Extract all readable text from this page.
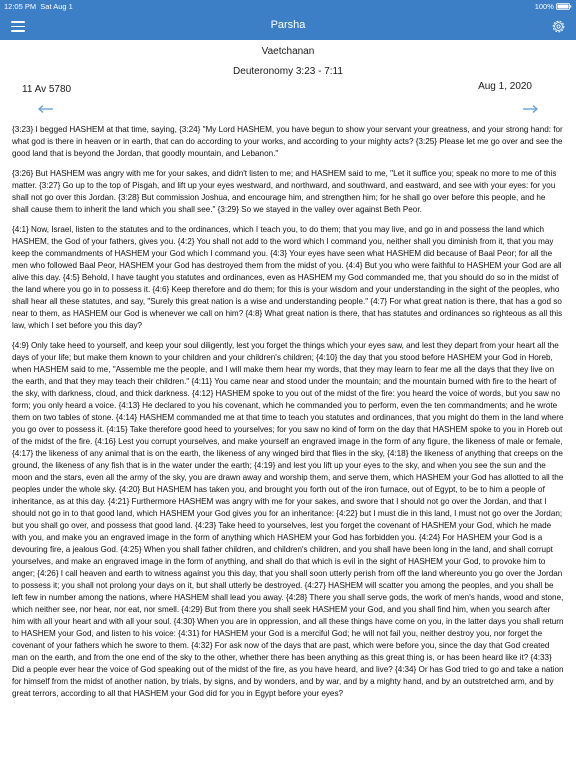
12:05 PM Sat Aug 1	100%
Parsha
Vaetchanan
Deuteronomy 3:23 - 7:11
11 Av 5780	Aug 1, 2020

{3:23} I begged HASHEM at that time, saying, {3:24} "My Lord HASHEM, you have begun to show your servant your greatness, and your strong hand: for what god is there in heaven or in earth, that can do according to your works, and according to your mighty acts? {3:25} Please let me go over and see the good land that is beyond the Jordan, that goodly mountain, and Lebanon."

{3:26} But HASHEM was angry with me for your sakes, and didn't listen to me; and HASHEM said to me, "Let it suffice you; speak no more to me of this matter. {3:27} Go up to the top of Pisgah, and lift up your eyes westward, and northward, and southward, and eastward, and see with your eyes: for you shall not go over this Jordan. {3:28} But commission Joshua, and encourage him, and strengthen him; for he shall go over before this people, and he shall cause them to inherit the land which you shall see." {3:29} So we stayed in the valley over against Beth Peor.

{4:1} Now, Israel, listen to the statutes and to the ordinances, which I teach you, to do them; that you may live, and go in and possess the land which HASHEM, the God of your fathers, gives you. {4:2} You shall not add to the word which I command you, neither shall you diminish from it, that you may keep the commandments of HASHEM your God which I command you. {4:3} Your eyes have seen what HASHEM did because of Baal Peor; for all the men who followed Baal Peor, HASHEM your God has destroyed them from the midst of you. {4:4} But you who were faithful to HASHEM your God are all alive this day. {4:5} Behold, I have taught you statutes and ordinances, even as HASHEM my God commanded me, that you should do so in the midst of the land where you go in to possess it. {4:6} Keep therefore and do them; for this is your wisdom and your understanding in the sight of the peoples, who shall hear all these statutes, and say, "Surely this great nation is a wise and understanding people." {4:7} For what great nation is there, that has a god so near to them, as HASHEM our God is whenever we call on him? {4:8} What great nation is there, that has statutes and ordinances so righteous as all this law, which I set before you this day?

{4:9} Only take heed to yourself, and keep your soul diligently, lest you forget the things which your eyes saw, and lest they depart from your heart all the days of your life; but make them known to your children and your children's children; {4:10} the day that you stood before HASHEM your God in Horeb, when HASHEM said to me, "Assemble me the people, and I will make them hear my words, that they may learn to fear me all the days that they live on the earth, and that they may teach their children." {4:11} You came near and stood under the mountain; and the mountain burned with fire to the heart of the sky, with darkness, cloud, and thick darkness. {4:12} HASHEM spoke to you out of the midst of the fire: you heard the voice of words, but you saw no form; you only heard a voice. {4:13} He declared to you his covenant, which he commanded you to perform, even the ten commandments; and he wrote them on two tables of stone. {4:14} HASHEM commanded me at that time to teach you statutes and ordinances, that you might do them in the land where you go over to possess it. {4:15} Take therefore good heed to yourselves; for you saw no kind of form on the day that HASHEM spoke to you in Horeb out of the midst of the fire. {4:16} Lest you corrupt yourselves, and make yourself an engraved image in the form of any figure, the likeness of male or female, {4:17} the likeness of any animal that is on the earth, the likeness of any winged bird that flies in the sky, {4:18} the likeness of anything that creeps on the ground, the likeness of any fish that is in the water under the earth; {4:19} and lest you lift up your eyes to the sky, and when you see the sun and the moon and the stars, even all the army of the sky, you are drawn away and worship them, and serve them, which HASHEM your God has allotted to all the peoples under the whole sky. {4:20} But HASHEM has taken you, and brought you forth out of the iron furnace, out of Egypt, to be to him a people of inheritance, as at this day. {4:21} Furthermore HASHEM was angry with me for your sakes, and swore that I should not go over the Jordan, and that I should not go in to that good land, which HASHEM your God gives you for an inheritance: {4:22} but I must die in this land, I must not go over the Jordan; but you shall go over, and possess that good land. {4:23} Take heed to yourselves, lest you forget the covenant of HASHEM your God, which he made with you, and make you an engraved image in the form of anything which HASHEM your God has forbidden you. {4:24} For HASHEM your God is a devouring fire, a jealous God. {4:25} When you shall father children, and children's children, and you shall have been long in the land, and shall corrupt yourselves, and make an engraved image in the form of anything, and shall do that which is evil in the sight of HASHEM your God, to provoke him to anger; {4:26} I call heaven and earth to witness against you this day, that you shall soon utterly perish from off the land whereunto you go over the Jordan to possess it; you shall not prolong your days on it, but shall utterly be destroyed. {4:27} HASHEM will scatter you among the peoples, and you shall be left few in number among the nations, where HASHEM shall lead you away. {4:28} There you shall serve gods, the work of men's hands, wood and stone, which neither see, nor hear, nor eat, nor smell. {4:29} But from there you shall seek HASHEM your God, and you shall find him, when you search after him with all your heart and with all your soul. {4:30} When you are in oppression, and all these things have come on you, in the latter days you shall return to HASHEM your God, and listen to his voice: {4:31} for HASHEM your God is a merciful God; he will not fail you, neither destroy you, nor forget the covenant of your fathers which he swore to them. {4:32} For ask now of the days that are past, which were before you, since the day that God created man on the earth, and from the one end of the sky to the other, whether there has been anything as this great thing is, or has been heard like it? {4:33} Did a people ever hear the voice of God speaking out of the midst of the fire, as you have heard, and live? {4:34} Or has God tried to go and take a nation for himself from the midst of another nation, by trials, by signs, and by wonders, and by war, and by a mighty hand, and by an outstretched arm, and by great terrors, according to all that HASHEM your God did for you in Egypt before your eyes?
